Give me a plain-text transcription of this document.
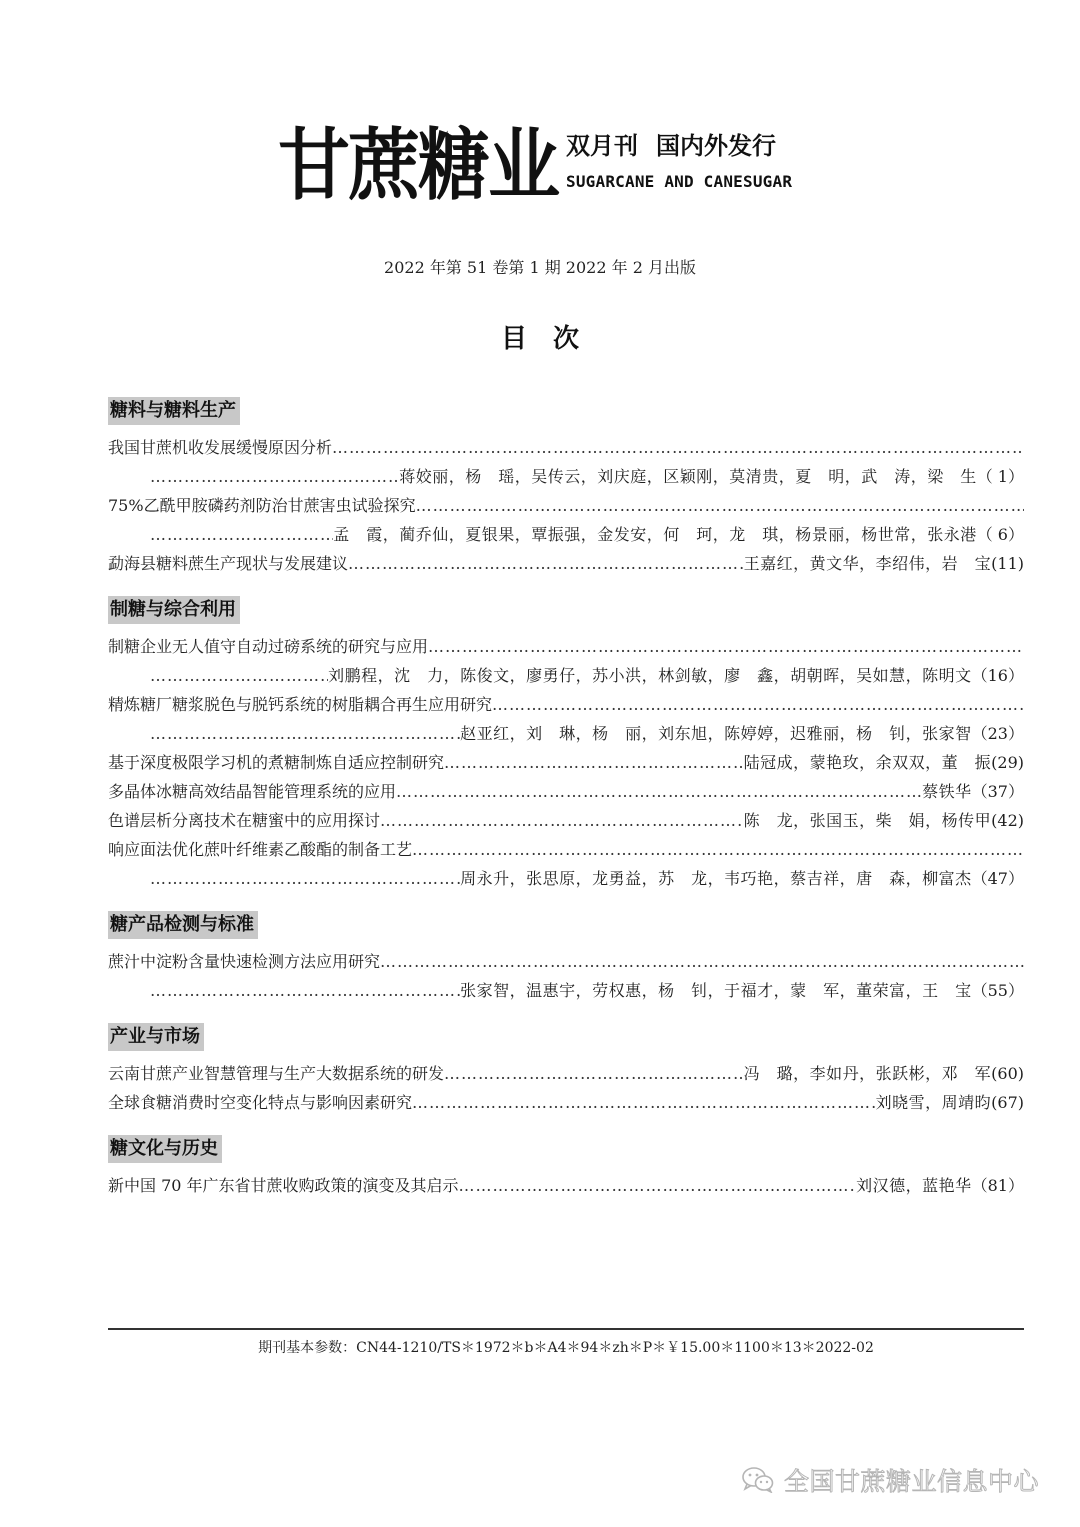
甘蔗糖业 双月刊 国内外发行
SUGARCANE AND CANESUGAR
2022 年第 51 卷第 1 期 2022 年 2 月出版
目次
糖料与糖料生产
我国甘蔗机收发展缓慢原因分析
……………………………………………………………………………………………………………………………………………………………………………………
……………………………………………………………………………………………………………………………………………………………………………………
蒋姣丽，杨　瑶，吴传云，刘庆庭，区颖刚，莫清贵，夏　明，武　涛，梁　生 （ 1）
75%乙酰甲胺磷药剂防治甘蔗害虫试验探究
……………………………………………………………………………………………………………………………………………………………………………………
……………………………………………………………………………………………………………………………………………………………………………………
孟　霞，蔺乔仙，夏银果，覃振强，金发安，何　珂，龙　琪，杨景丽，杨世常，张永港 （ 6）
勐海县糖料蔗生产现状与发展建议 ……………………………………………………………………………………………………………………………………………………………………………………	王嘉红，黄文华，李绍伟，岩　宝 (11)
制糖与综合利用
制糖企业无人值守自动过磅系统的研究与应用
……………………………………………………………………………………………………………………………………………………………………………………
……………………………………………………………………………………………………………………………………………………………………………………
刘鹏程，沈　力，陈俊文，廖勇仔，苏小洪，林剑敏，廖　鑫，胡朝晖，吴如慧，陈明文 （16）
精炼糖厂糖浆脱色与脱钙系统的树脂耦合再生应用研究
……………………………………………………………………………………………………………………………………………………………………………………
……………………………………………………………………………………………………………………………………………………………………………………
赵亚红，刘　琳，杨　丽，刘东旭，陈婷婷，迟雅丽，杨　钊，张家智 （23）
基于深度极限学习机的煮糖制炼自适应控制研究 ……………………………………………………………………………………………………………………………………………………………………………………	陆冠成，蒙艳玫，余双双，董　振 (29)
多晶体冰糖高效结晶智能管理系统的应用 ……………………………………………………………………………………………………………………………………………………………………………………	蔡铁华 （37）
色谱层析分离技术在糖蜜中的应用探讨 ……………………………………………………………………………………………………………………………………………………………………………………	陈　龙，张国玉，柴　娟，杨传甲 (42)
响应面法优化蔗叶纤维素乙酸酯的制备工艺
……………………………………………………………………………………………………………………………………………………………………………………
……………………………………………………………………………………………………………………………………………………………………………………
周永升，张思原，龙勇益，苏　龙，韦巧艳，蔡吉祥，唐　森，柳富杰 （47）
糖产品检测与标准
蔗汁中淀粉含量快速检测方法应用研究
……………………………………………………………………………………………………………………………………………………………………………………
……………………………………………………………………………………………………………………………………………………………………………………
张家智，温惠宇，劳权惠，杨　钊，于福才，蒙　军，董荣富，王　宝 （55）
产业与市场
云南甘蔗产业智慧管理与生产大数据系统的研发 ……………………………………………………………………………………………………………………………………………………………………………………	冯　璐，李如丹，张跃彬，邓　军 (60)
全球食糖消费时空变化特点与影响因素研究 ……………………………………………………………………………………………………………………………………………………………………………………	刘晓雪，周靖昀 (67)
糖文化与历史
新中国 70 年广东省甘蔗收购政策的演变及其启示 ……………………………………………………………………………………………………………………………………………………………………………………	刘汉德，蓝艳华 （81）
期刊基本参数：CN44-1210/TS＊1972＊b＊A4＊94＊zh＊P＊￥15.00＊1100＊13＊2022-02
全国甘蔗糖业信息中心
